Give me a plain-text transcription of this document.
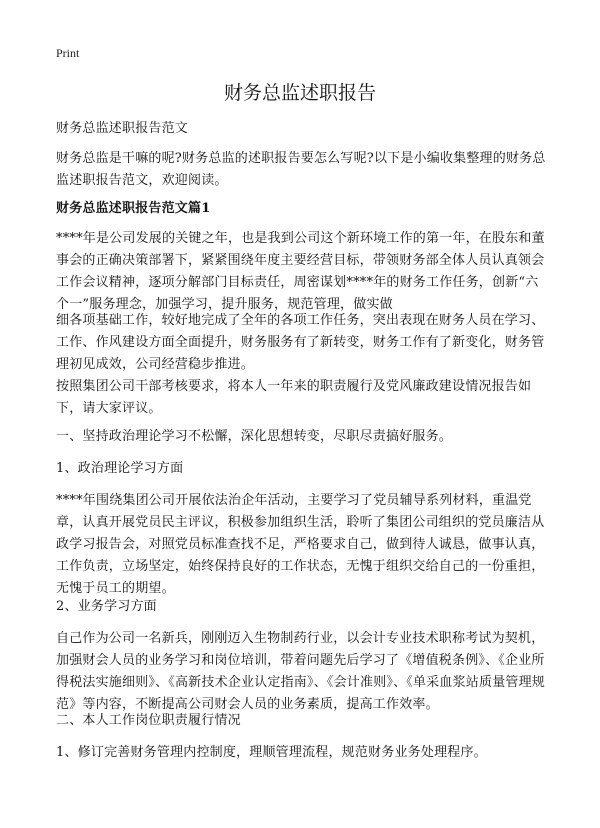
Print
财务总监述职报告

财务总监述职报告范文

财务总监是干嘛的呢?财务总监的述职报告要怎么写呢?以下是小编收集整理的财务总监述职报告范文，欢迎阅读。

财务总监述职报告范文篇1

****年是公司发展的关键之年，也是我到公司这个新环境工作的第一年，在股东和董事会的正确决策部署下，紧紧围绕年度主要经营目标，带领财务部全体人员认真领会工作会议精神，逐项分解部门目标责任，周密谋划****年的财务工作任务，创新“六个一”服务理念，加强学习，提升服务，规范管理，做实做

细各项基础工作，较好地完成了全年的各项工作任务，突出表现在财务人员在学习、工作、作风建设方面全面提升，财务服务有了新转变，财务工作有了新变化，财务管理初见成效，公司经营稳步推进。

按照集团公司干部考核要求，将本人一年来的职责履行及党风廉政建设情况报告如下，请大家评议。

一、坚持政治理论学习不松懈，深化思想转变，尽职尽责搞好服务。

1、政治理论学习方面

****年围绕集团公司开展依法治企年活动，主要学习了党员辅导系列材料，重温党章，认真开展党员民主评议，积极参加组织生活，聆听了集团公司组织的党员廉洁从政学习报告会，对照党员标准查找不足，严格要求自己，做到待人诚恳，做事认真，工作负责，立场坚定，始终保持良好的工作状态，无愧于组织交给自己的一份重担，无愧于员工的期望。

2、业务学习方面

自己作为公司一名新兵，刚刚迈入生物制药行业，以会计专业技术职称考试为契机，加强财会人员的业务学习和岗位培训，带着问题先后学习了《增值税条例》、《企业所得税法实施细则》、《高新技术企业认定指南》、《会计准则》、《单采血浆站质量管理规范》等内容，不断提高公司财会人员的业务素质，提高工作效率。

二、本人工作岗位职责履行情况

1、修订完善财务管理内控制度，理顺管理流程，规范财务业务处理程序。
